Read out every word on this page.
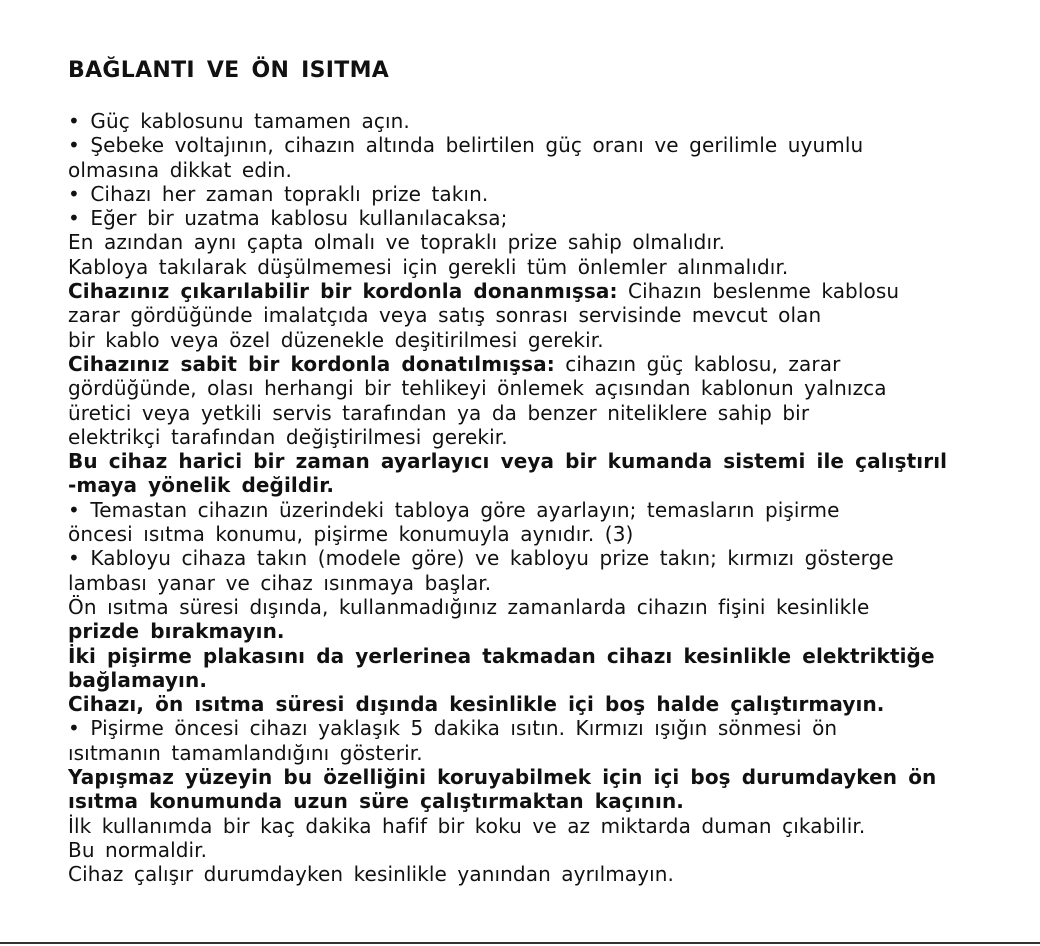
BAĞLANTI VE ÖN ISITMA
• Güç kablosunu tamamen açın.
• Şebeke voltajının, cihazın altında belirtilen güç oranı ve gerilimle uyumlu
olmasına dikkat edin.
• Cihazı her zaman topraklı prize takın.
• Eğer bir uzatma kablosu kullanılacaksa;
En azından aynı çapta olmalı ve topraklı prize sahip olmalıdır.
Kabloya takılarak düşülmemesi için gerekli tüm önlemler alınmalıdır.
Cihazınız çıkarılabilir bir kordonla donanmışsa: Cihazın beslenme kablosu
zarar gördüğünde imalatçıda veya satış sonrası servisinde mevcut olan
bir kablo veya özel düzenekle deşitirilmesi gerekir.
Cihazınız sabit bir kordonla donatılmışsa: cihazın güç kablosu, zarar
gördüğünde, olası herhangi bir tehlikeyi önlemek açısından kablonun yalnızca
üretici veya yetkili servis tarafından ya da benzer niteliklere sahip bir
elektrikçi tarafından değiştirilmesi gerekir.
Bu cihaz harici bir zaman ayarlayıcı veya bir kumanda sistemi ile çalıştırıl
-maya yönelik değildir.
• Temastan cihazın üzerindeki tabloya göre ayarlayın; temasların pişirme
öncesi ısıtma konumu, pişirme konumuyla aynıdır. (3)
• Kabloyu cihaza takın (modele göre) ve kabloyu prize takın; kırmızı gösterge
lambası yanar ve cihaz ısınmaya başlar.
Ön ısıtma süresi dışında, kullanmadığınız zamanlarda cihazın fişini kesinlikle
prizde bırakmayın.
İki pişirme plakasını da yerlerinea takmadan cihazı kesinlikle elektriktiğe
bağlamayın.
Cihazı, ön ısıtma süresi dışında kesinlikle içi boş halde çalıştırmayın.
• Pişirme öncesi cihazı yaklaşık 5 dakika ısıtın. Kırmızı ışığın sönmesi ön
ısıtmanın tamamlandığını gösterir.
Yapışmaz yüzeyin bu özelliğini koruyabilmek için içi boş durumdayken ön
ısıtma konumunda uzun süre çalıştırmaktan kaçının.
İlk kullanımda bir kaç dakika hafif bir koku ve az miktarda duman çıkabilir.
Bu normaldir.
Cihaz çalışır durumdayken kesinlikle yanından ayrılmayın.
